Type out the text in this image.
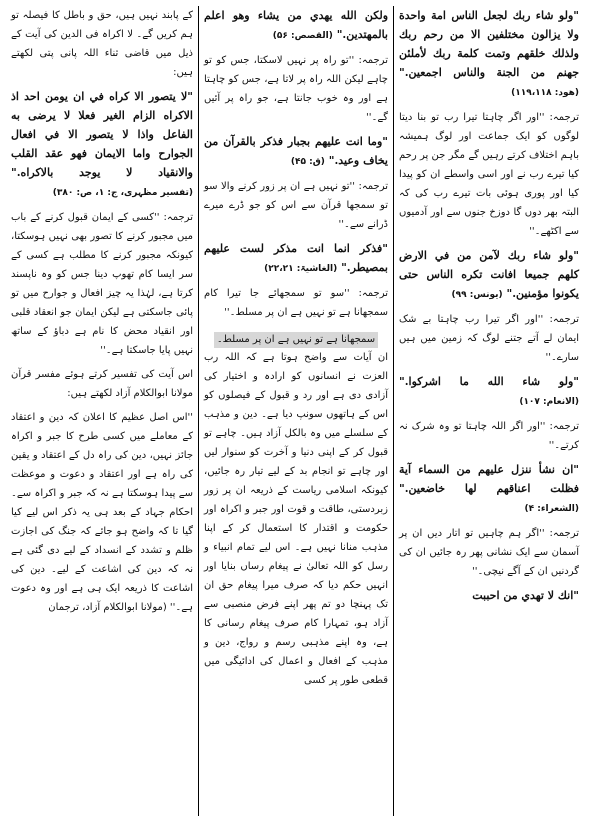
"ولو شاء ربك لجعل الناس امة واحدة ولا يزالون مختلفين الا من رحم ربك ولذلك خلقهم وتمت كلمة ربك لأملئن جهنم من الجنة والناس اجمعين." (ھود: ۱۱۹،۱۱۸)

ترجمہ: ''اور اگر چاہتا تیرا رب تو بنا دیتا لوگوں کو ایک جماعت اور لوگ ہمیشہ باہم اختلاف کرتے رہیں گے مگر جن پر رحم کیا تیرے رب نے اور اسی واسطے ان کو پیدا کیا اور پوری ہوئی بات تیرے رب کی کہ البتہ بھر دوں گا دوزخ جنوں سے اور آدمیوں سے اکٹھے۔''

"ولو شاء ربك لآمن من في الارض كلهم جميعا افانت تكره الناس حتى يكونوا مؤمنين." (یونس: ۹۹)

ترجمہ: ''اور اگر تیرا رب چاہتا بے شک ایمان لے آتے جتنے لوگ کہ زمین میں ہیں سارے۔''

"ولو شاء الله ما اشركوا." (الانعام: ۱۰۷)

ترجمہ: ''اور اگر اللہ چاہتا تو وہ شرک نہ کرتے۔''

"ان نشأ ننزل عليهم من السماء آية فظلت اعناقهم لها خاضعين." (الشعراء: ۴)

ترجمہ: ''اگر ہم چاہیں تو اتار دیں ان پر آسمان سے ایک نشانی پھر رہ جائیں ان کی گردنیں ان کے آگے نیچی۔''

"انك لا تهدي من احببت

ولكن الله يهدي من يشاء وهو اعلم بالمهتدين." (القصص: ۵۶)

ترجمہ: ''تو راہ پر نہیں لاسکتا، جس کو تو چاہے لیکن اللہ راہ پر لاتا ہے، جس کو چاہتا ہے اور وہ خوب جانتا ہے، جو راہ پر آئیں گے۔''

"وما انت عليهم بجبار فذكر بالقرآن من يخاف وعيد." (ق: ۴۵)

ترجمہ: ''تو نہیں ہے ان پر زور کرنے والا سو تو سمجھا قرآن سے اس کو جو ڈرے میرے ڈرانے سے۔''

"فذكر انما انت مذكر لست عليهم بمصيطر." (الغاشیۃ: ۲۲،۲۱)

ترجمہ: ''سو تو سمجھائے جا تیرا کام سمجھانا ہے تو نہیں ہے ان پر مسلط۔''

سمجھانا ہے تو نہیں ہے ان پر مسلط۔

ان آیات سے واضح ہوتا ہے کہ اللہ رب العزت نے انسانوں کو ارادہ و اختیار کی آزادی دی ہے اور رد و قبول کے فیصلوں کو اس کے ہاتھوں سونپ دیا ہے۔ دین و مذہب کے سلسلے میں وہ بالکل آزاد ہیں۔ چاہے تو قبول کر کے اپنی دنیا و آخرت کو سنوار لیں اور چاہے تو انجام بد کے لیے تیار رہ جائیں، کیونکہ اسلامی ریاست کے ذریعہ ان پر زور زبردستی، طاقت و قوت اور جبر و اکراہ اور حکومت و اقتدار کا استعمال کر کے اپنا مذہب منانا نہیں ہے۔ اس لیے تمام انبیاء و رسل کو اللہ تعالیٰ نے پیغام رساں بنایا اور انہیں حکم دیا کہ صرف میرا پیغام حق ان تک پہنچا دو تم پھر اپنے فرض منصبی سے آزاد ہو، تمہارا کام صرف پیغام رسانی کا ہے، وہ اپنے مذہبی رسم و رواج، دین و مذہب کے افعال و اعمال کی ادائیگی میں قطعی طور پر کسی

کے پابند نہیں ہیں، حق و باطل کا فیصلہ تو ہم کریں گے۔ لا اکراہ فی الدین کی آیت کے ذیل میں قاضی ثناء اللہ پانی پتی لکھتے ہیں:

"لا يتصور الا كراه في ان يومن احد اذ الاكراه الزام الغير فعلا لا يرضى به الفاعل واذا لا يتصور الا في افعال الجوارح واما الايمان فهو عقد القلب والانقياد لا يوجد بالاكراه." (تفسیر مظہری، ج: ۱، ص: ۳۸۰)

ترجمہ: ''کسی کے ایمان قبول کرنے کے باب میں مجبور کرنے کا تصور بھی نہیں ہوسکتا، کیونکہ مجبور کرنے کا مطلب ہے کسی کے سر ایسا کام تھوپ دینا جس کو وہ ناپسند کرتا ہے، لہٰذا یہ چیز افعال و جوارح میں تو پائی جاسکتی ہے لیکن ایمان جو انعقاد قلبی اور انقیاد محض کا نام ہے دباؤ کے ساتھ نہیں پایا جاسکتا ہے۔''

اس آیت کی تفسیر کرتے ہوئے مفسر قرآن مولانا ابوالکلام آزاد لکھتے ہیں:

''اس اصل عظیم کا اعلان کہ دین و اعتقاد کے معاملے میں کسی طرح کا جبر و اکراہ جائز نہیں، دین کی راہ دل کے اعتقاد و یقین کی راہ ہے اور اعتقاد و دعوت و موعظت سے پیدا ہوسکتا ہے نہ کہ جبر و اکراہ سے۔ احکام جہاد کے بعد ہی یہ ذکر اس لیے کیا گیا تا کہ واضح ہو جائے کہ جنگ کی اجازت ظلم و تشدد کے انسداد کے لیے دی گئی ہے نہ کہ دین کی اشاعت کے لیے۔ دین کی اشاعت کا ذریعہ ایک ہی ہے اور وہ دعوت ہے۔'' (مولانا ابوالکلام آزاد، ترجمان
